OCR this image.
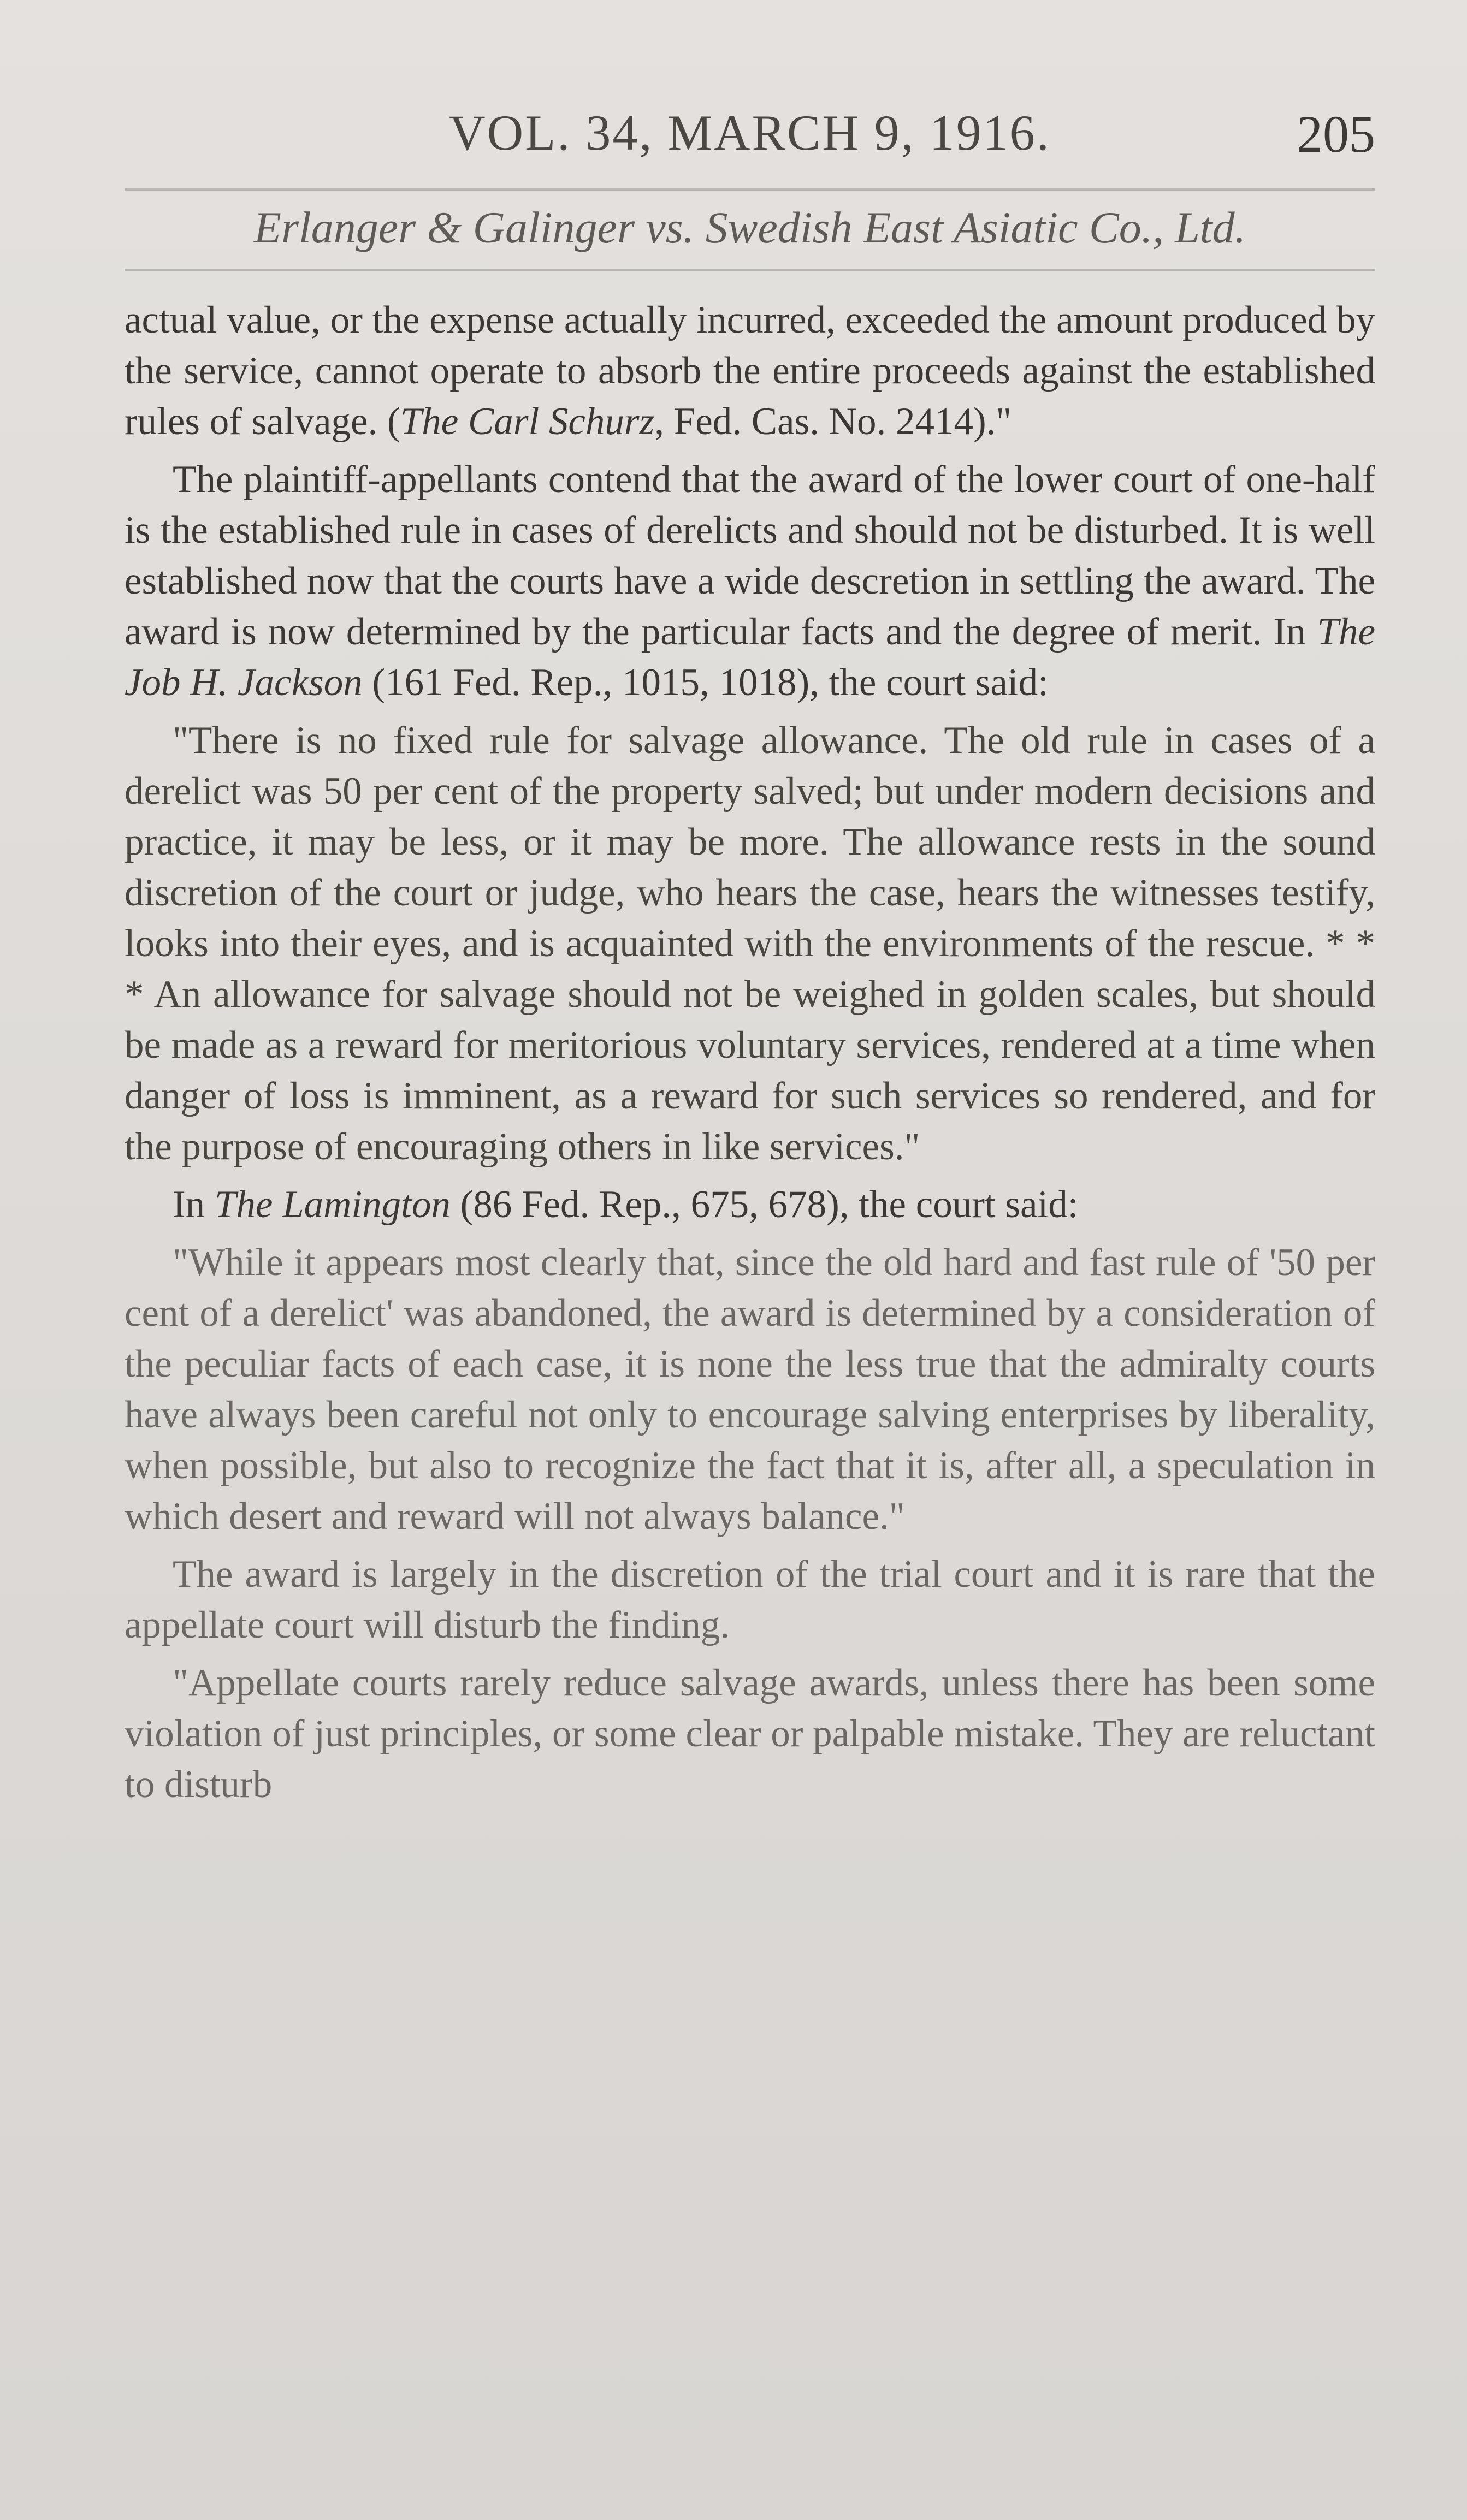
VOL. 34, MARCH 9, 1916.	205
Erlanger & Galinger vs. Swedish East Asiatic Co., Ltd.

actual value, or the expense actually incurred, exceeded the amount produced by the service, cannot operate to absorb the entire proceeds against the established rules of salvage. (The Carl Schurz, Fed. Cas. No. 2414)."

The plaintiff-appellants contend that the award of the lower court of one-half is the established rule in cases of derelicts and should not be disturbed. It is well established now that the courts have a wide descretion in settling the award. The award is now determined by the particular facts and the degree of merit. In The Job H. Jackson (161 Fed. Rep., 1015, 1018), the court said:

"There is no fixed rule for salvage allowance. The old rule in cases of a derelict was 50 per cent of the property salved; but under modern decisions and practice, it may be less, or it may be more. The allowance rests in the sound discretion of the court or judge, who hears the case, hears the witnesses testify, looks into their eyes, and is acquainted with the environments of the rescue. * * * An allowance for salvage should not be weighed in golden scales, but should be made as a reward for meritorious voluntary services, rendered at a time when danger of loss is imminent, as a reward for such services so rendered, and for the purpose of encouraging others in like services."

In The Lamington (86 Fed. Rep., 675, 678), the court said:

"While it appears most clearly that, since the old hard and fast rule of '50 per cent of a derelict' was abandoned, the award is determined by a consideration of the peculiar facts of each case, it is none the less true that the admiralty courts have always been careful not only to encourage salving enterprises by liberality, when possible, but also to recognize the fact that it is, after all, a speculation in which desert and reward will not always balance."

The award is largely in the discretion of the trial court and it is rare that the appellate court will disturb the finding.

"Appellate courts rarely reduce salvage awards, unless there has been some violation of just principles, or some clear or palpable mistake. They are reluctant to disturb
